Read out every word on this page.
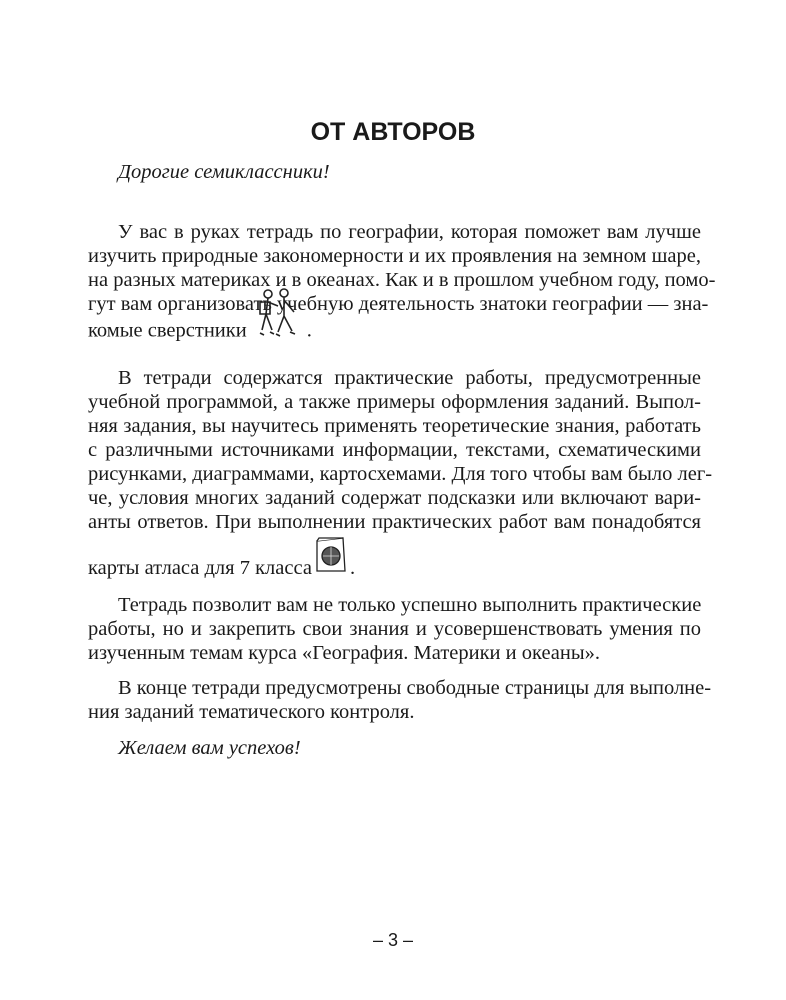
ОТ АВТОРОВ
Дорогие семиклассники!
У вас в руках тетрадь по географии, которая поможет вам лучше
изучить природные закономерности и их проявления на земном шаре,
на разных материках и в океанах. Как и в прошлом учебном году, помо-
гут вам организовать учебную деятельность знатоки географии — зна-
комые сверстники	.
В тетради содержатся практические работы, предусмотренные
учебной программой, а также примеры оформления заданий. Выпол-
няя задания, вы научитесь применять теоретические знания, работать
с различными источниками информации, текстами, схематическими
рисунками, диаграммами, картосхемами. Для того чтобы вам было лег-
че, условия многих заданий содержат подсказки или включают вари-
анты ответов. При выполнении практических работ вам понадобятся
карты атласа для 7 класса .
Тетрадь позволит вам не только успешно выполнить практические
работы, но и закрепить свои знания и усовершенствовать умения по
изученным темам курса «География. Материки и океаны».
В конце тетради предусмотрены свободные страницы для выполне-
ния заданий тематического контроля.
Желаем вам успехов!
– 3 –
